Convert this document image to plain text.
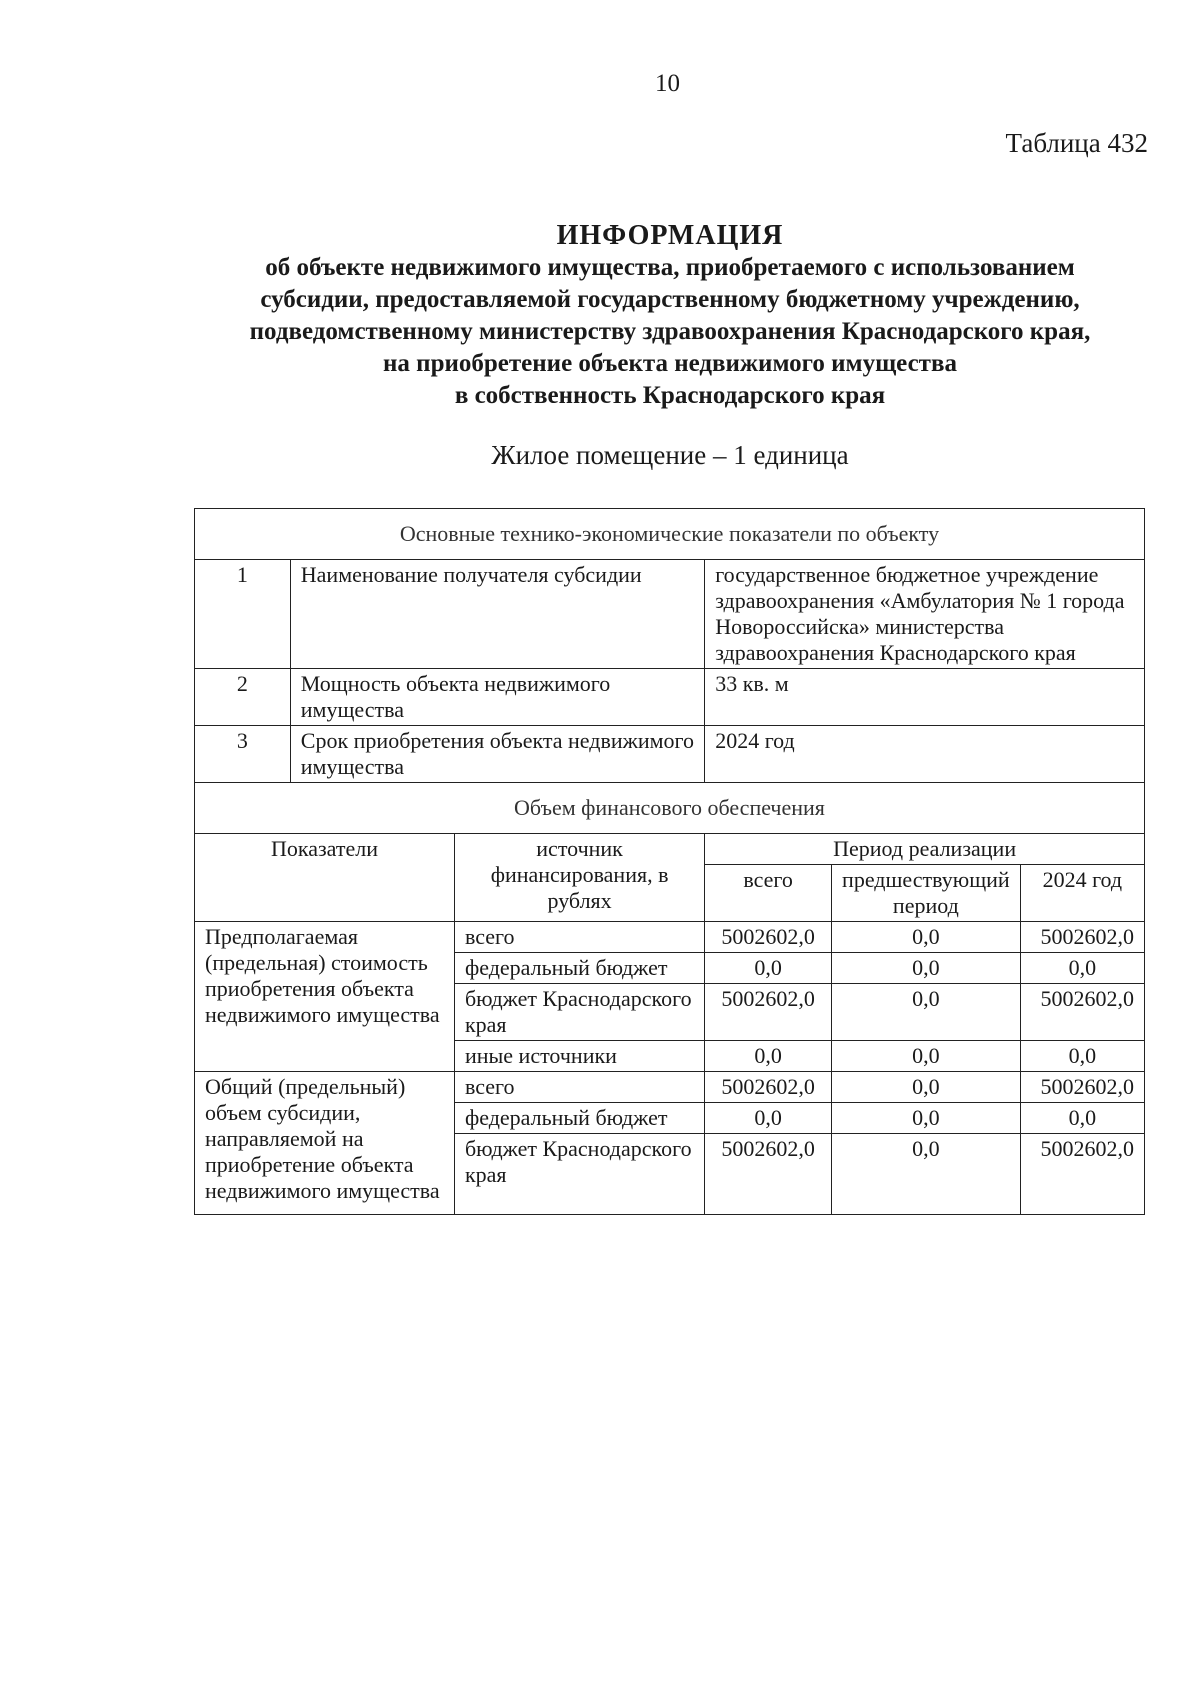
10
Таблица 432
ИНФОРМАЦИЯ
об объекте недвижимого имущества, приобретаемого с использованием
субсидии, предоставляемой государственному бюджетному учреждению,
подведомственному министерству здравоохранения Краснодарского края,
на приобретение объекта недвижимого имущества
в собственность Краснодарского края
Жилое помещение – 1 единица
Основные технико-экономические показатели по объекту					
1	Наименование получателя субсидии		государственное бюджетное учреждение здравоохранения «Амбулатория № 1 города Новороссийска» министерства здравоохранения Краснодарского края		
2	Мощность объекта недвижимого имущества		33 кв. м		
3	Срок приобретения объекта недвижимого имущества		2024 год		
Объем финансового обеспечения					
Показатели		источник финансирования, в рублях	Период реализации		
			всего	предшествующий период	2024 год
Предполагаемая (предельная) стоимость приобретения объекта недвижимого имущества		всего	5002602,0	0,0	5002602,0
		федеральный бюджет	0,0	0,0	0,0
		бюджет Краснодарского края	5002602,0	0,0	5002602,0
		иные источники	0,0	0,0	0,0
Общий (предельный) объем субсидии, направляемой на приобретение объекта недвижимого имущества		всего	5002602,0	0,0	5002602,0
		федеральный бюджет	0,0	0,0	0,0
		бюджет Краснодарского края	5002602,0	0,0	5002602,0
